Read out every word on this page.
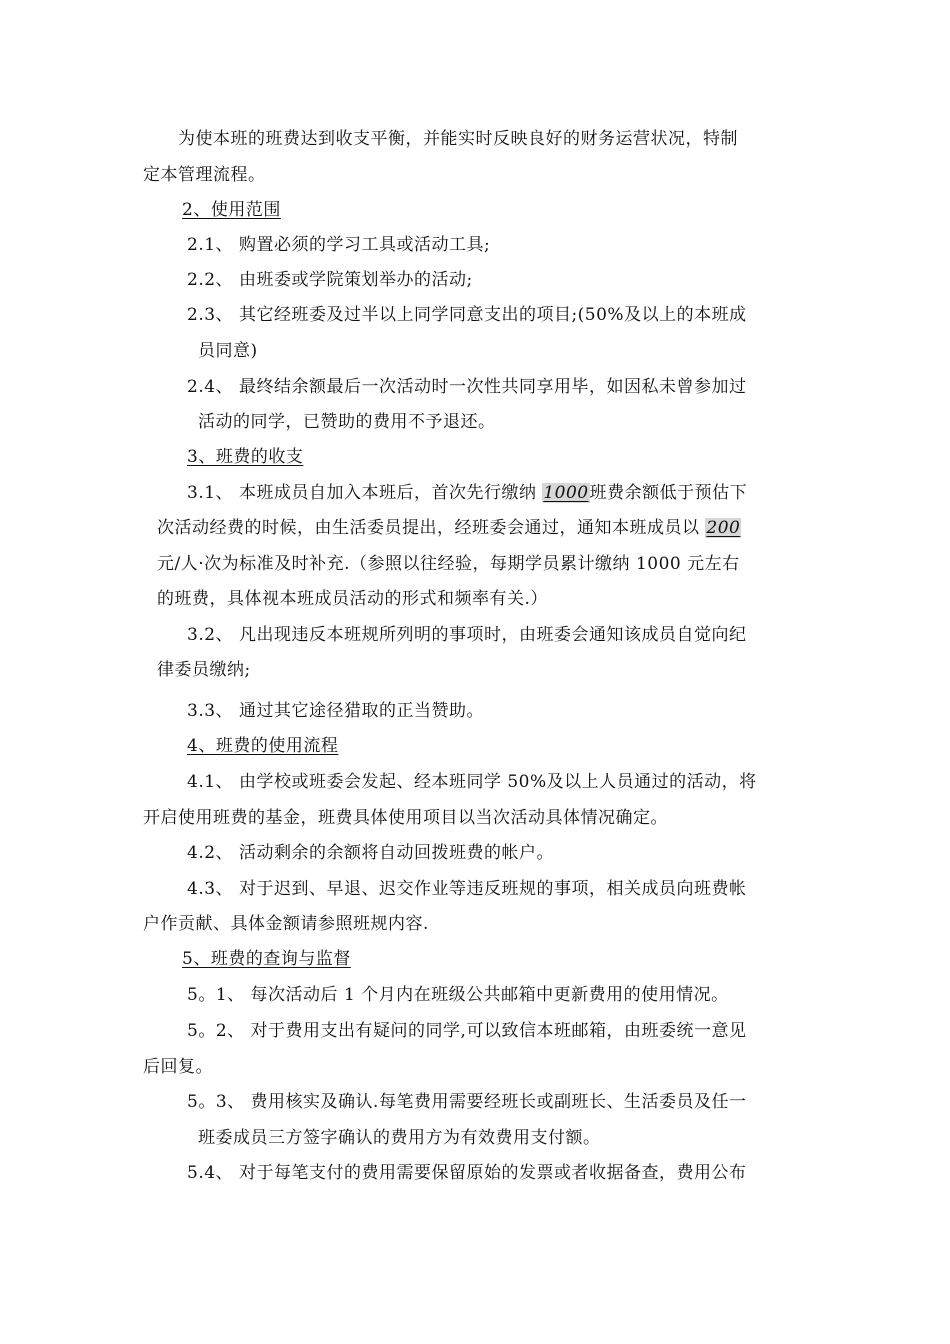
为使本班的班费达到收支平衡，并能实时反映良好的财务运营状况，特制
定本管理流程。
2、使用范围
2.1、 购置必须的学习工具或活动工具;
2.2、 由班委或学院策划举办的活动;
2.3、 其它经班委及过半以上同学同意支出的项目;(50%及以上的本班成
员同意)
2.4、 最终结余额最后一次活动时一次性共同享用毕，如因私未曾参加过
活动的同学，已赞助的费用不予退还。
3、班费的收支
3.1、 本班成员自加入本班后，首次先行缴纳 1000班费余额低于预估下
次活动经费的时候，由生活委员提出，经班委会通过，通知本班成员以 200
元/人·次为标准及时补充.（参照以往经验，每期学员累计缴纳 1000 元左右
的班费，具体视本班成员活动的形式和频率有关.）
3.2、 凡出现违反本班规所列明的事项时，由班委会通知该成员自觉向纪
律委员缴纳;
3.3、 通过其它途径猎取的正当赞助。
4、班费的使用流程
4.1、 由学校或班委会发起、经本班同学 50%及以上人员通过的活动，将
开启使用班费的基金，班费具体使用项目以当次活动具体情况确定。
4.2、 活动剩余的余额将自动回拨班费的帐户。
4.3、 对于迟到、早退、迟交作业等违反班规的事项，相关成员向班费帐
户作贡献、具体金额请参照班规内容.
5、班费的查询与监督
5。1、 每次活动后 1 个月内在班级公共邮箱中更新费用的使用情况。
5。2、 对于费用支出有疑问的同学,可以致信本班邮箱，由班委统一意见
后回复。
5。3、 费用核实及确认.每笔费用需要经班长或副班长、生活委员及任一
班委成员三方签字确认的费用方为有效费用支付额。
5.4、 对于每笔支付的费用需要保留原始的发票或者收据备查，费用公布
